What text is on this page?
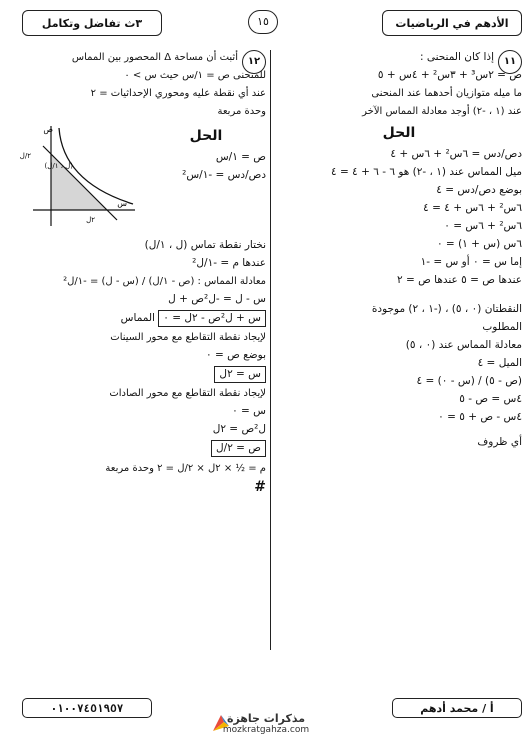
٣ث تفاضل وتكامل	١٥	الأدهم في الرياضيات
١١
إذا كان المنحنى :
ص = ٢س³ + ٣س² + ٤س + ٥
ما ميله متوازيان أحدهما عند المنحنى
عند (١ ، -٢) أوجد معادلة المماس الآخر
الحل
دص/دس = ٦س² + ٦س + ٤
ميل المماس عند (١ ، -٢) هو ٦ - ٦ + ٤ = ٤
بوضع دص/دس = ٤
٦س² + ٦س + ٤ = ٤
٦س² + ٦س = ٠
٦س (س + ١) = ٠
إما س = ٠ أو س = -١
عندها ص = ٥ عندها ص = ٢
النقطتان (٠ ، ٥) ، (-١ ، ٢) موجودة
المطلوب
معادلة المماس عند (٠ ، ٥)
الميل = ٤
(ص - ٥) / (س - ٠) = ٤
٤س = ص - ٥
٤س - ص + ٥ = ٠
أي ظروف
١٢
أثبت أن مساحة Δ المحصور بين المماس
للمنحنى ص = ١/س حيث س > ٠
عند أي نقطة عليه ومحوري الإحداثيات = ٢
وحدة مربعة
الحل
ص = ١/س
دص/دس = -١/س²
ص
س
(ل ، ١/ل)
٢/ل
٢ل
نختار نقطة تماس (ل ، ١/ل)
عندها م = -١/ل²
معادلة المماس : (ص - ١/ل) / (س - ل) = -١/ل²
س - ل = -ل²ص + ل
س + ل²ص - ٢ل = ٠ المماس
لإيجاد نقطة التقاطع مع محور السينات
بوضع ص = ٠
س = ٢ل
لإيجاد نقطة التقاطع مع محور الصادات
س = ٠
ل²ص = ٢ل
ص = ٢/ل
م = ½ × ٢ل × ٢/ل = ٢ وحدة مربعة
#
٠١٠٠٧٤٥١٩٥٧	أ / محمد أدهم
مذكرات جاهزة
mozkratgahza.com
